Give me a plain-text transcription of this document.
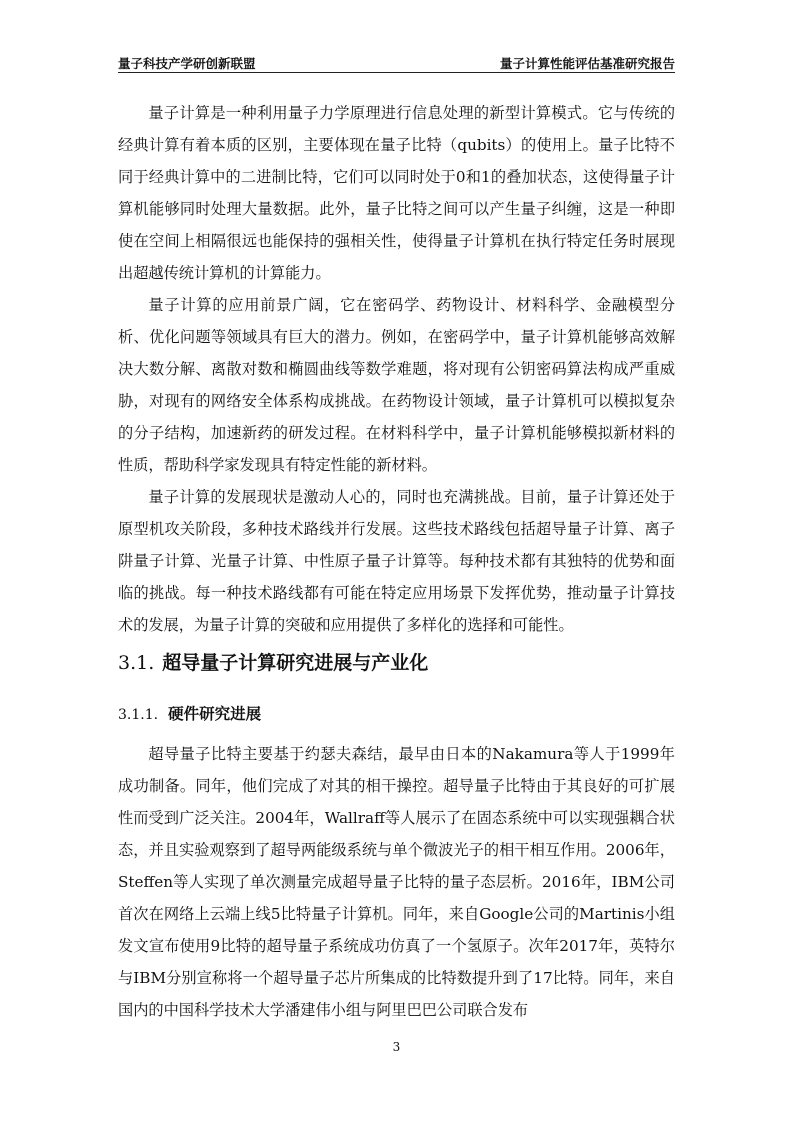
量子科技产学研创新联盟	量子计算性能评估基准研究报告

量子计算是一种利用量子力学原理进行信息处理的新型计算模式。它与传统的经典计算有着本质的区别，主要体现在量子比特（qubits）的使用上。量子比特不同于经典计算中的二进制比特，它们可以同时处于0和1的叠加状态，这使得量子计算机能够同时处理大量数据。此外，量子比特之间可以产生量子纠缠，这是一种即使在空间上相隔很远也能保持的强相关性，使得量子计算机在执行特定任务时展现出超越传统计算机的计算能力。

量子计算的应用前景广阔，它在密码学、药物设计、材料科学、金融模型分析、优化问题等领域具有巨大的潜力。例如，在密码学中，量子计算机能够高效解决大数分解、离散对数和椭圆曲线等数学难题，将对现有公钥密码算法构成严重威胁，对现有的网络安全体系构成挑战。在药物设计领域，量子计算机可以模拟复杂的分子结构，加速新药的研发过程。在材料科学中，量子计算机能够模拟新材料的性质，帮助科学家发现具有特定性能的新材料。

量子计算的发展现状是激动人心的，同时也充满挑战。目前，量子计算还处于原型机攻关阶段，多种技术路线并行发展。这些技术路线包括超导量子计算、离子阱量子计算、光量子计算、中性原子量子计算等。每种技术都有其独特的优势和面临的挑战。每一种技术路线都有可能在特定应用场景下发挥优势，推动量子计算技术的发展，为量子计算的突破和应用提供了多样化的选择和可能性。

3.1. 超导量子计算研究进展与产业化
3.1.1. 硬件研究进展

超导量子比特主要基于约瑟夫森结，最早由日本的Nakamura等人于1999年成功制备。同年，他们完成了对其的相干操控。超导量子比特由于其良好的可扩展性而受到广泛关注。2004年，Wallraff等人展示了在固态系统中可以实现强耦合状态，并且实验观察到了超导两能级系统与单个微波光子的相干相互作用。2006年，Steffen等人实现了单次测量完成超导量子比特的量子态层析。2016年，IBM公司首次在网络上云端上线5比特量子计算机。同年，来自Google公司的Martinis小组发文宣布使用9比特的超导量子系统成功仿真了一个氢原子。次年2017年，英特尔与IBM分别宣称将一个超导量子芯片所集成的比特数提升到了17比特。同年，来自国内的中国科学技术大学潘建伟小组与阿里巴巴公司联合发布

3
